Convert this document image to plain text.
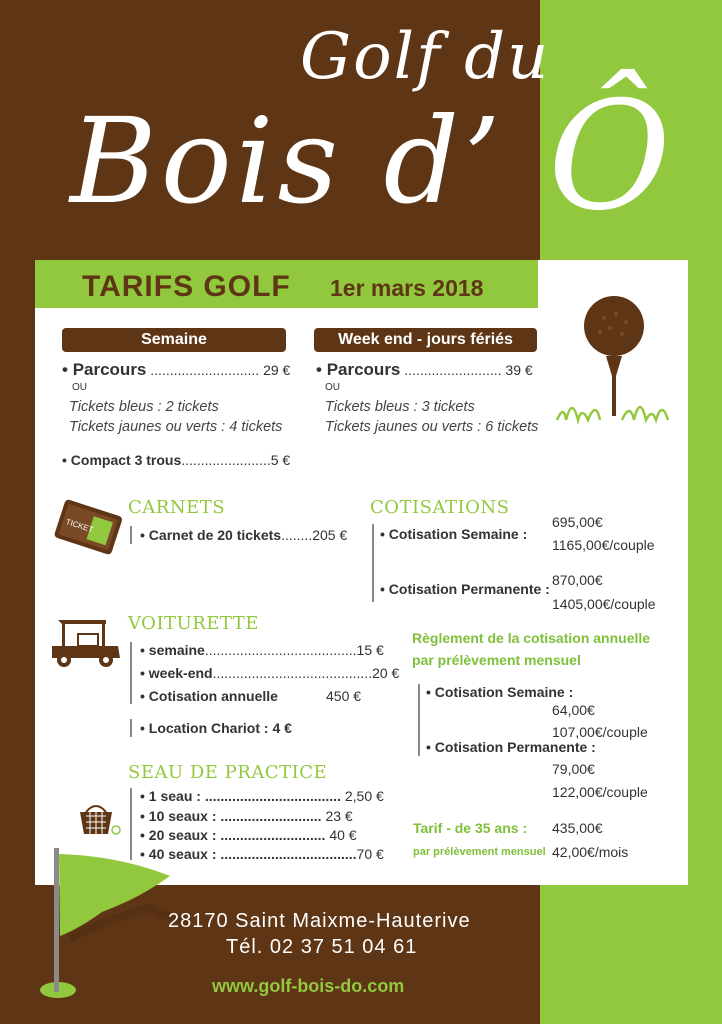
Golf du
Bois d’ Ô
TARIFS GOLF 1er mars 2018
Semaine
• Parcours ............................ 29 €
OU
Tickets bleus : 2 tickets
Tickets jaunes ou verts : 4 tickets
• Compact 3 trous.......................5 €
Week end - jours fériés
• Parcours ......................... 39 €
OU
Tickets bleus : 3 tickets
Tickets jaunes ou verts : 6 tickets
TICKET
CARNETS
• Carnet de 20 tickets........205 €
VOITURETTE
• semaine.......................................15 €
• week-end.........................................20 €
• Cotisation annuelle	450 €
• Location Chariot : 4 €
SEAU DE PRACTICE
• 1 seau : ................................... 2,50 €
• 10 seaux : .......................... 23 €
• 20 seaux : ........................... 40 €
• 40 seaux : ...................................70 €
COTISATIONS
• Cotisation Semaine :
695,00€
1165,00€/couple
• Cotisation Permanente :
870,00€
1405,00€/couple
Règlement de la cotisation annuelle
par prélèvement mensuel
• Cotisation Semaine :
64,00€
107,00€/couple
• Cotisation Permanente :
79,00€
122,00€/couple
Tarif - de 35 ans : 435,00€
par prélèvement mensuel 42,00€/mois
28170 Saint Maixme-Hauterive
Tél. 02 37 51 04 61
www.golf-bois-do.com
